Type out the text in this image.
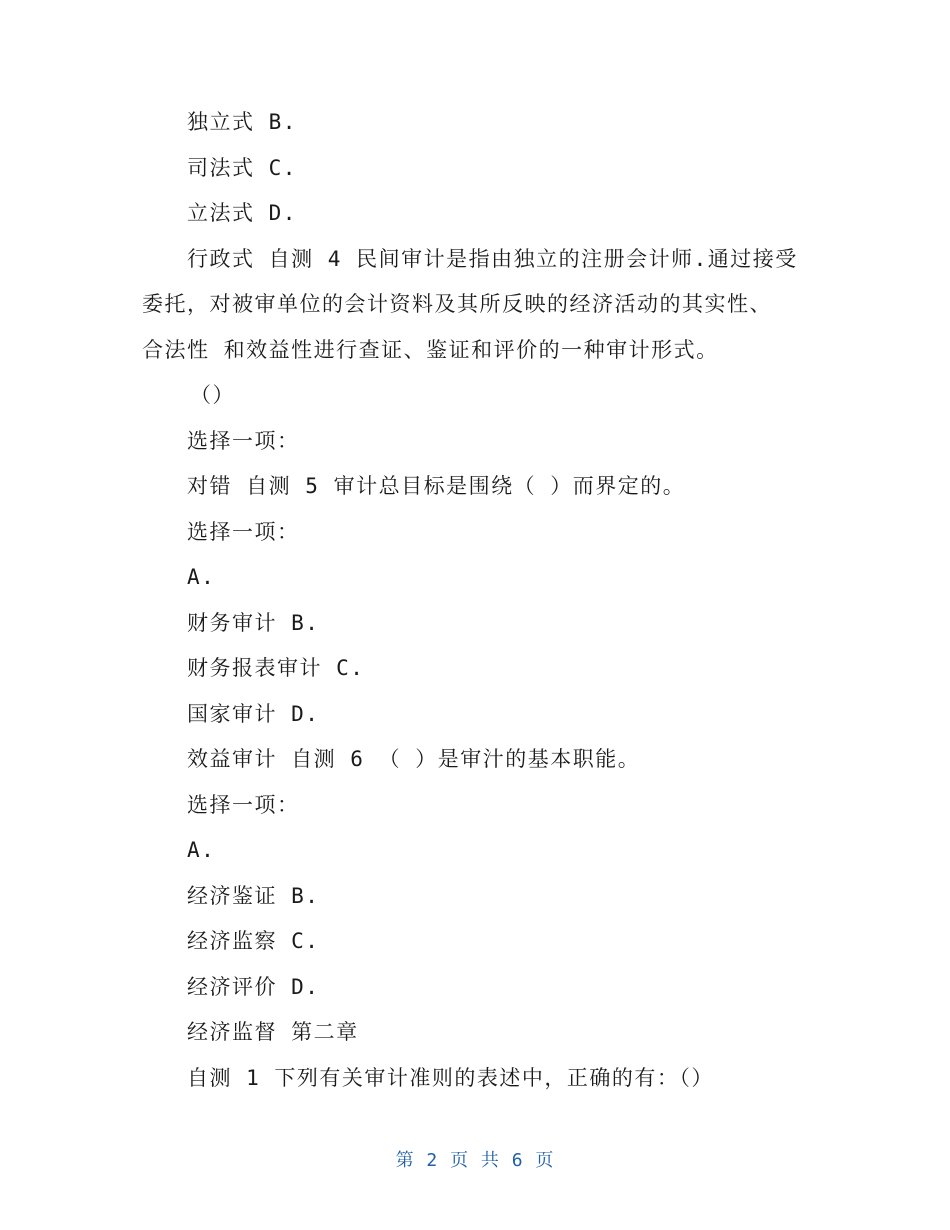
独立式 B.
司法式 C.
立法式 D.
行政式 自测 4 民间审计是指由独立的注册会计师.通过接受
委托，对被审单位的会计资料及其所反映的经济活动的其实性、
合法性 和效益性进行查证、鉴证和评价的一种审计形式。
（）
选择一项：
对错 自测 5 审计总目标是围绕（ ）而界定的。
选择一项：
A.
财务审计 B.
财务报表审计 C.
国家审计 D.
效益审计 自测 6 （ ）是审汁的基本职能。
选择一项：
A.
经济鉴证 B.
经济监察 C.
经济评价 D.
经济监督 第二章
自测 1 下列有关审计准则的表述中，正确的有：（）
第 2 页 共 6 页
